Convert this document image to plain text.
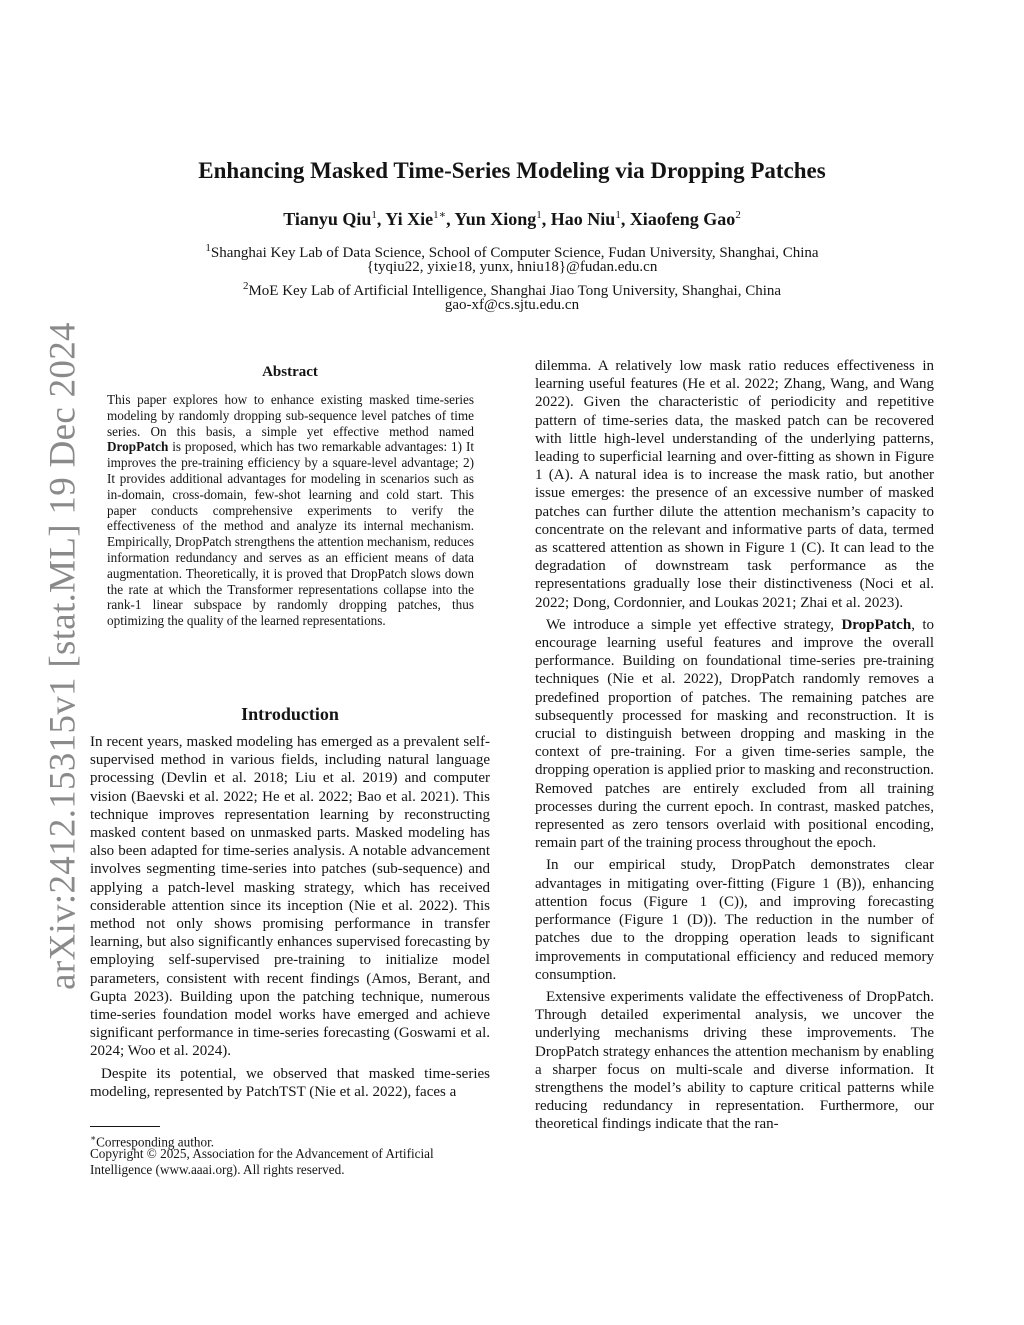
arXiv:2412.15315v1 [stat.ML] 19 Dec 2024
Enhancing Masked Time-Series Modeling via Dropping Patches
Tianyu Qiu$^1$, Yi Xie$^{1∗}$, Yun Xiong$^1$, Hao Niu$^1$, Xiaofeng Gao$^2$
$^1$Shanghai Key Lab of Data Science, School of Computer Science, Fudan University, Shanghai, China
{tyqiu22, yixie18, yunx, hniu18}@fudan.edu.cn
$^2$MoE Key Lab of Artificial Intelligence, Shanghai Jiao Tong University, Shanghai, China
gao-xf@cs.sjtu.edu.cn
Abstract
This paper explores how to enhance existing masked time-series modeling by randomly dropping sub-sequence level patches of time series. On this basis, a simple yet effective method named DropPatch is proposed, which has two remarkable advantages: 1) It improves the pre-training efficiency by a square-level advantage; 2) It provides additional advantages for modeling in scenarios such as in-domain, cross-domain, few-shot learning and cold start. This paper conducts comprehensive experiments to verify the effectiveness of the method and analyze its internal mechanism. Empirically, DropPatch strengthens the attention mechanism, reduces information redundancy and serves as an efficient means of data augmentation. Theoretically, it is proved that DropPatch slows down the rate at which the Transformer representations collapse into the rank-1 linear subspace by randomly dropping patches, thus optimizing the quality of the learned representations.
Introduction

In recent years, masked modeling has emerged as a prevalent self-supervised method in various fields, including natural language processing (Devlin et al. 2018; Liu et al. 2019) and computer vision (Baevski et al. 2022; He et al. 2022; Bao et al. 2021). This technique improves representation learning by reconstructing masked content based on unmasked parts. Masked modeling has also been adapted for time-series analysis. A notable advancement involves segmenting time-series into patches (sub-sequence) and applying a patch-level masking strategy, which has received considerable attention since its inception (Nie et al. 2022). This method not only shows promising performance in transfer learning, but also significantly enhances supervised forecasting by employing self-supervised pre-training to initialize model parameters, consistent with recent findings (Amos, Berant, and Gupta 2023). Building upon the patching technique, numerous time-series foundation model works have emerged and achieve significant performance in time-series forecasting (Goswami et al. 2024; Woo et al. 2024).

Despite its potential, we observed that masked time-series modeling, represented by PatchTST (Nie et al. 2022), faces a

∗Corresponding author.
Copyright © 2025, Association for the Advancement of Artificial Intelligence (www.aaai.org). All rights reserved.

dilemma. A relatively low mask ratio reduces effectiveness in learning useful features (He et al. 2022; Zhang, Wang, and Wang 2022). Given the characteristic of periodicity and repetitive pattern of time-series data, the masked patch can be recovered with little high-level understanding of the underlying patterns, leading to superficial learning and over-fitting as shown in Figure 1 (A). A natural idea is to increase the mask ratio, but another issue emerges: the presence of an excessive number of masked patches can further dilute the attention mechanism’s capacity to concentrate on the relevant and informative parts of data, termed as scattered attention as shown in Figure 1 (C). It can lead to the degradation of downstream task performance as the representations gradually lose their distinctiveness (Noci et al. 2022; Dong, Cordonnier, and Loukas 2021; Zhai et al. 2023).

We introduce a simple yet effective strategy, DropPatch, to encourage learning useful features and improve the overall performance. Building on foundational time-series pre-training techniques (Nie et al. 2022), DropPatch randomly removes a predefined proportion of patches. The remaining patches are subsequently processed for masking and reconstruction. It is crucial to distinguish between dropping and masking in the context of pre-training. For a given time-series sample, the dropping operation is applied prior to masking and reconstruction. Removed patches are entirely excluded from all training processes during the current epoch. In contrast, masked patches, represented as zero tensors overlaid with positional encoding, remain part of the training process throughout the epoch.

In our empirical study, DropPatch demonstrates clear advantages in mitigating over-fitting (Figure 1 (B)), enhancing attention focus (Figure 1 (C)), and improving forecasting performance (Figure 1 (D)). The reduction in the number of patches due to the dropping operation leads to significant improvements in computational efficiency and reduced memory consumption.

Extensive experiments validate the effectiveness of DropPatch. Through detailed experimental analysis, we uncover the underlying mechanisms driving these improvements. The DropPatch strategy enhances the attention mechanism by enabling a sharper focus on multi-scale and diverse information. It strengthens the model’s ability to capture critical patterns while reducing redundancy in representation. Furthermore, our theoretical findings indicate that the ran-
